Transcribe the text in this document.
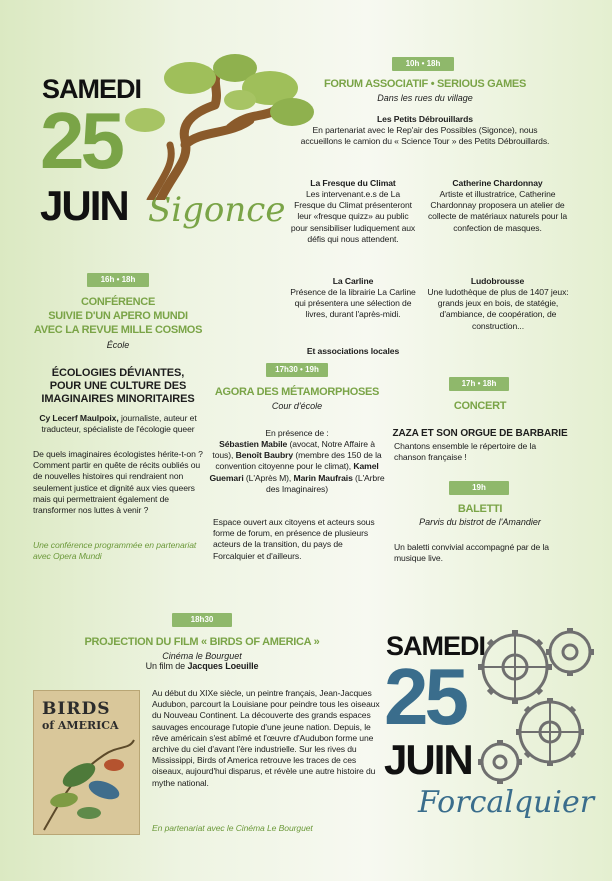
SAMEDI
25
JUIN Sigonce
10h • 18h
FORUM ASSOCIATIF • SERIOUS GAMES
Dans les rues du village
Les Petits Débrouillards
En partenariat avec le Rep'air des Possibles (Sigonce), nous accueillons le camion du « Science Tour » des Petits Débrouillards.
La Fresque du Climat
Les intervenant.e.s de La Fresque du Climat présenteront leur «fresque quizz» au public pour sensibiliser ludiquement aux défis qui nous attendent.
Catherine Chardonnay
Artiste et illustratrice, Catherine Chardonnay proposera un atelier de collecte de matériaux naturels pour la confection de masques.
La Carline
Présence de la librairie La Carline qui présentera une sélection de livres, durant l'après-midi.
Ludobrousse
Une ludothèque de plus de 1407 jeux: grands jeux en bois, de statégie, d'ambiance, de coopération, de construction...
Et associations locales
16h • 18h
CONFÉRENCE
SUIVIE D'UN APERO MUNDI
AVEC LA REVUE MILLE COSMOS
École
ÉCOLOGIES DÉVIANTES,
POUR UNE CULTURE DES
IMAGINAIRES MINORITAIRES
Cy Lecerf Maulpoix, journaliste, auteur et traducteur, spécialiste de l'écologie queer
De quels imaginaires écologistes hérite-t-on ? Comment partir en quête de récits oubliés ou de nouvelles histoires qui rendraient non seulement justice et dignité aux vies queers mais qui permettraient également de transformer nos luttes à venir ?
Une conférence programmée en partenariat avec Opera Mundi
17h30 • 19h
AGORA DES MÉTAMORPHOSES
Cour d'école
En présence de :
Sébastien Mabile (avocat, Notre Affaire à tous), Benoît Baubry (membre des 150 de la convention citoyenne pour le climat), Kamel Guemari (L'Après M), Marin Maufrais (L'Arbre des Imaginaires)
Espace ouvert aux citoyens et acteurs sous forme de forum, en présence de plusieurs acteurs de la transition, du pays de Forcalquier et d'ailleurs.
17h • 18h
CONCERT
ZAZA ET SON ORGUE DE BARBARIE
Chantons ensemble le répertoire de la chanson française !
19h
BALETTI
Parvis du bistrot de l'Amandier
Un baletti convivial accompagné par de la musique live.
18h30
PROJECTION DU FILM « BIRDS OF AMERICA »
Cinéma le Bourguet
Un film de Jacques Loeuille
BIRDS
of AMERICA
Au début du XIXe siècle, un peintre français, Jean-Jacques Audubon, parcourt la Louisiane pour peindre tous les oiseaux du Nouveau Continent. La découverte des grands espaces sauvages encourage l'utopie d'une jeune nation. Depuis, le rêve américain s'est abîmé et l'œuvre d'Audubon forme une archive du ciel d'avant l'ère industrielle. Sur les rives du Mississippi, Birds of America retrouve les traces de ces oiseaux, aujourd'hui disparus, et révèle une autre histoire du mythe national.
En partenariat avec le Cinéma Le Bourguet
SAMEDI
25
JUIN
Forcalquier
